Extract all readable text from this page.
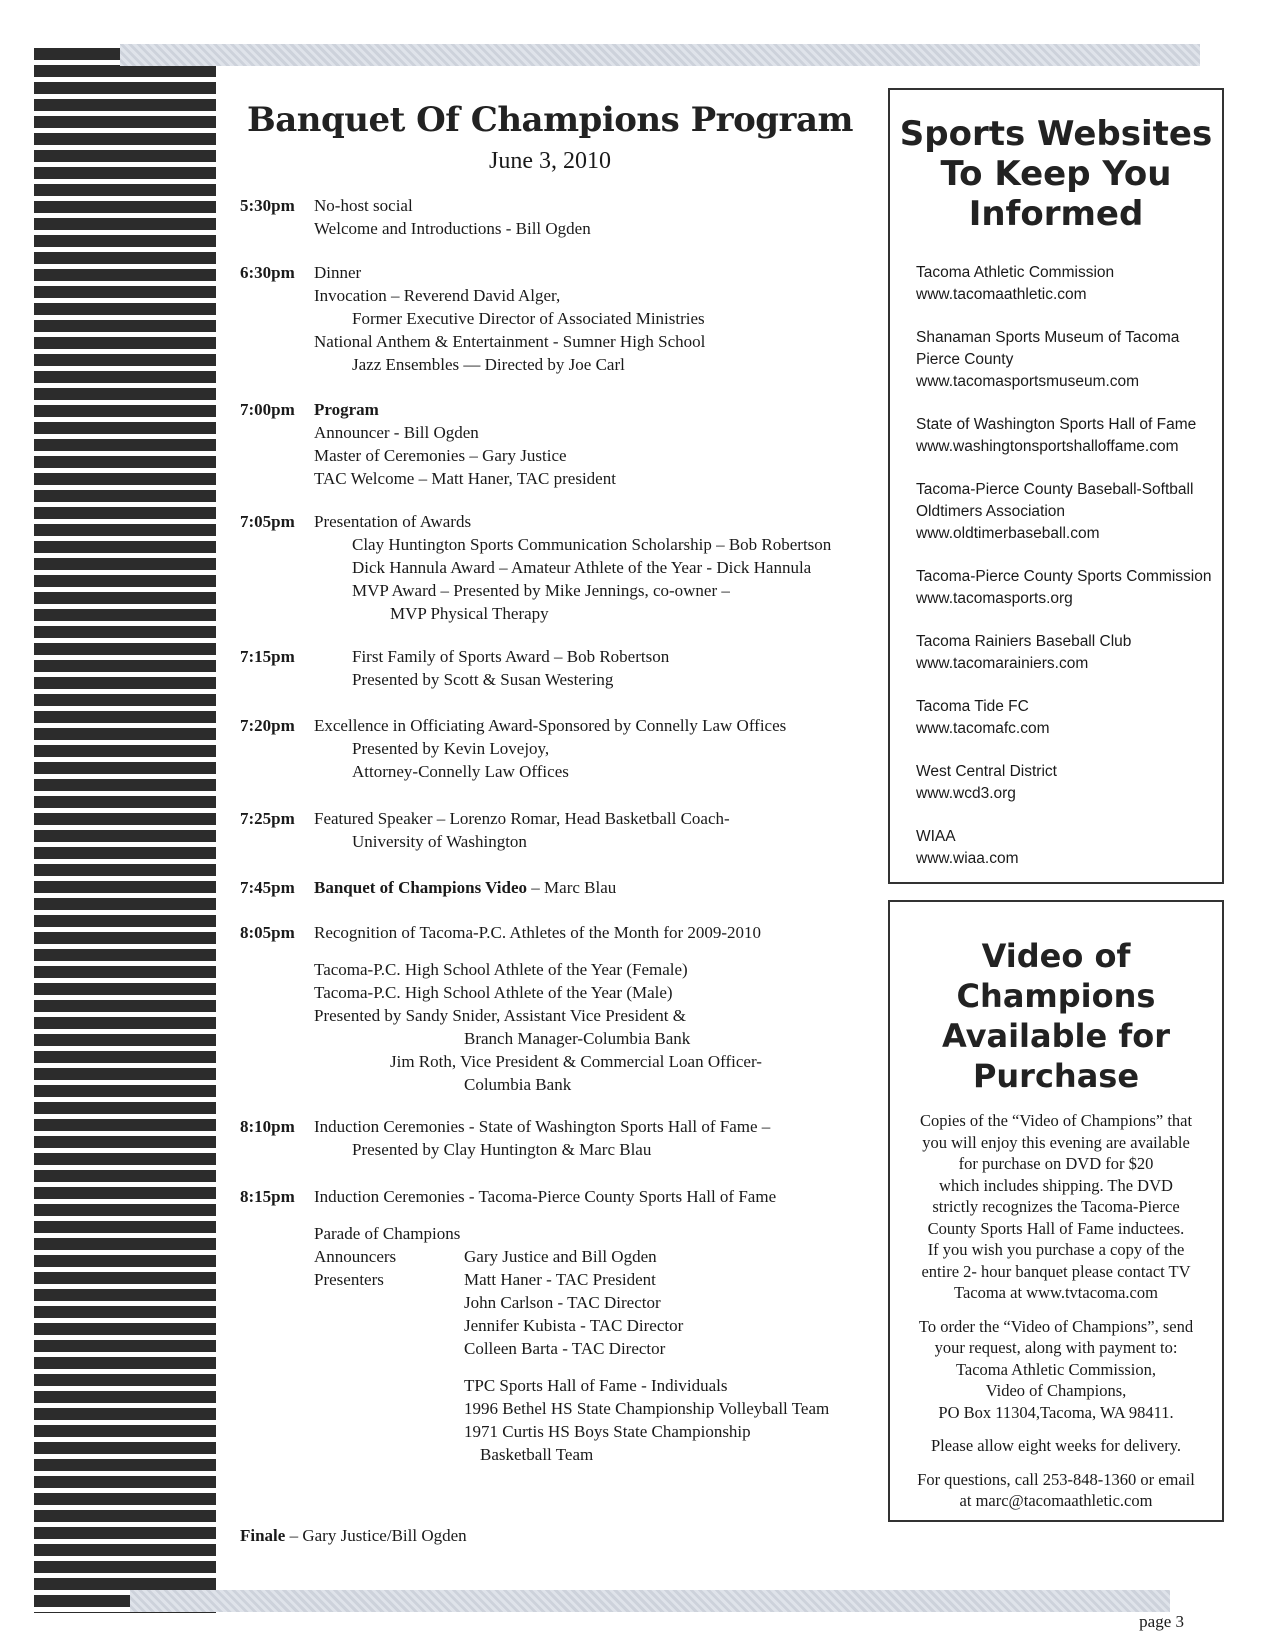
Banquet Of Champions Program
June 3, 2010
5:30pm	No-host social
Welcome and Introductions - Bill Ogden
6:30pm	Dinner
Invocation – Reverend David Alger,
Former Executive Director of Associated Ministries
National Anthem & Entertainment - Sumner High School
Jazz Ensembles — Directed by Joe Carl
7:00pm	Program
Announcer - Bill Ogden
Master of Ceremonies – Gary Justice
TAC Welcome – Matt Haner, TAC president
7:05pm	Presentation of Awards
Clay Huntington Sports Communication Scholarship – Bob Robertson
Dick Hannula Award – Amateur Athlete of the Year - Dick Hannula
MVP Award – Presented by Mike Jennings, co-owner –
MVP Physical Therapy
7:15pm	First Family of Sports Award – Bob Robertson
Presented by Scott & Susan Westering
7:20pm	Excellence in Officiating Award-Sponsored by Connelly Law Offices
Presented by Kevin Lovejoy,
Attorney-Connelly Law Offices
7:25pm	Featured Speaker – Lorenzo Romar, Head Basketball Coach-
University of Washington
7:45pm	Banquet of Champions Video – Marc Blau
8:05pm	Recognition of Tacoma-P.C. Athletes of the Month for 2009-2010
Tacoma-P.C. High School Athlete of the Year (Female)
Tacoma-P.C. High School Athlete of the Year (Male)
Presented by Sandy Snider, Assistant Vice President &
Branch Manager-Columbia Bank
Jim Roth, Vice President & Commercial Loan Officer-
Columbia Bank
8:10pm	Induction Ceremonies - State of Washington Sports Hall of Fame –
Presented by Clay Huntington & Marc Blau
8:15pm	Induction Ceremonies - Tacoma-Pierce County Sports Hall of Fame
Parade of Champions
Announcers	Gary Justice and Bill Ogden
Presenters	Matt Haner - TAC President
John Carlson - TAC Director
Jennifer Kubista - TAC Director
Colleen Barta - TAC Director
TPC Sports Hall of Fame - Individuals
1996 Bethel HS State Championship Volleyball Team
1971 Curtis HS Boys State Championship
Basketball Team
Finale – Gary Justice/Bill Ogden
Sports Websites
To Keep You
Informed
Tacoma Athletic Commission
www.tacomaathletic.com
Shanaman Sports Museum of Tacoma
Pierce County
www.tacomasportsmuseum.com
State of Washington Sports Hall of Fame
www.washingtonsportshalloffame.com
Tacoma-Pierce County Baseball-Softball
Oldtimers Association
www.oldtimerbaseball.com
Tacoma-Pierce County Sports Commission
www.tacomasports.org
Tacoma Rainiers Baseball Club
www.tacomarainiers.com
Tacoma Tide FC
www.tacomafc.com
West Central District
www.wcd3.org
WIAA
www.wiaa.com
Video of
Champions
Available for
Purchase

Copies of the “Video of Champions” that
you will enjoy this evening are available
for purchase on DVD for $20
which includes shipping. The DVD
strictly recognizes the Tacoma-Pierce
County Sports Hall of Fame inductees.
If you wish you purchase a copy of the
entire 2- hour banquet please contact TV
Tacoma at www.tvtacoma.com

To order the “Video of Champions”, send
your request, along with payment to:
Tacoma Athletic Commission,
Video of Champions,
PO Box 11304,Tacoma, WA 98411.

Please allow eight weeks for delivery.

For questions, call 253-848-1360 or email
at marc@tacomaathletic.com

page 3
